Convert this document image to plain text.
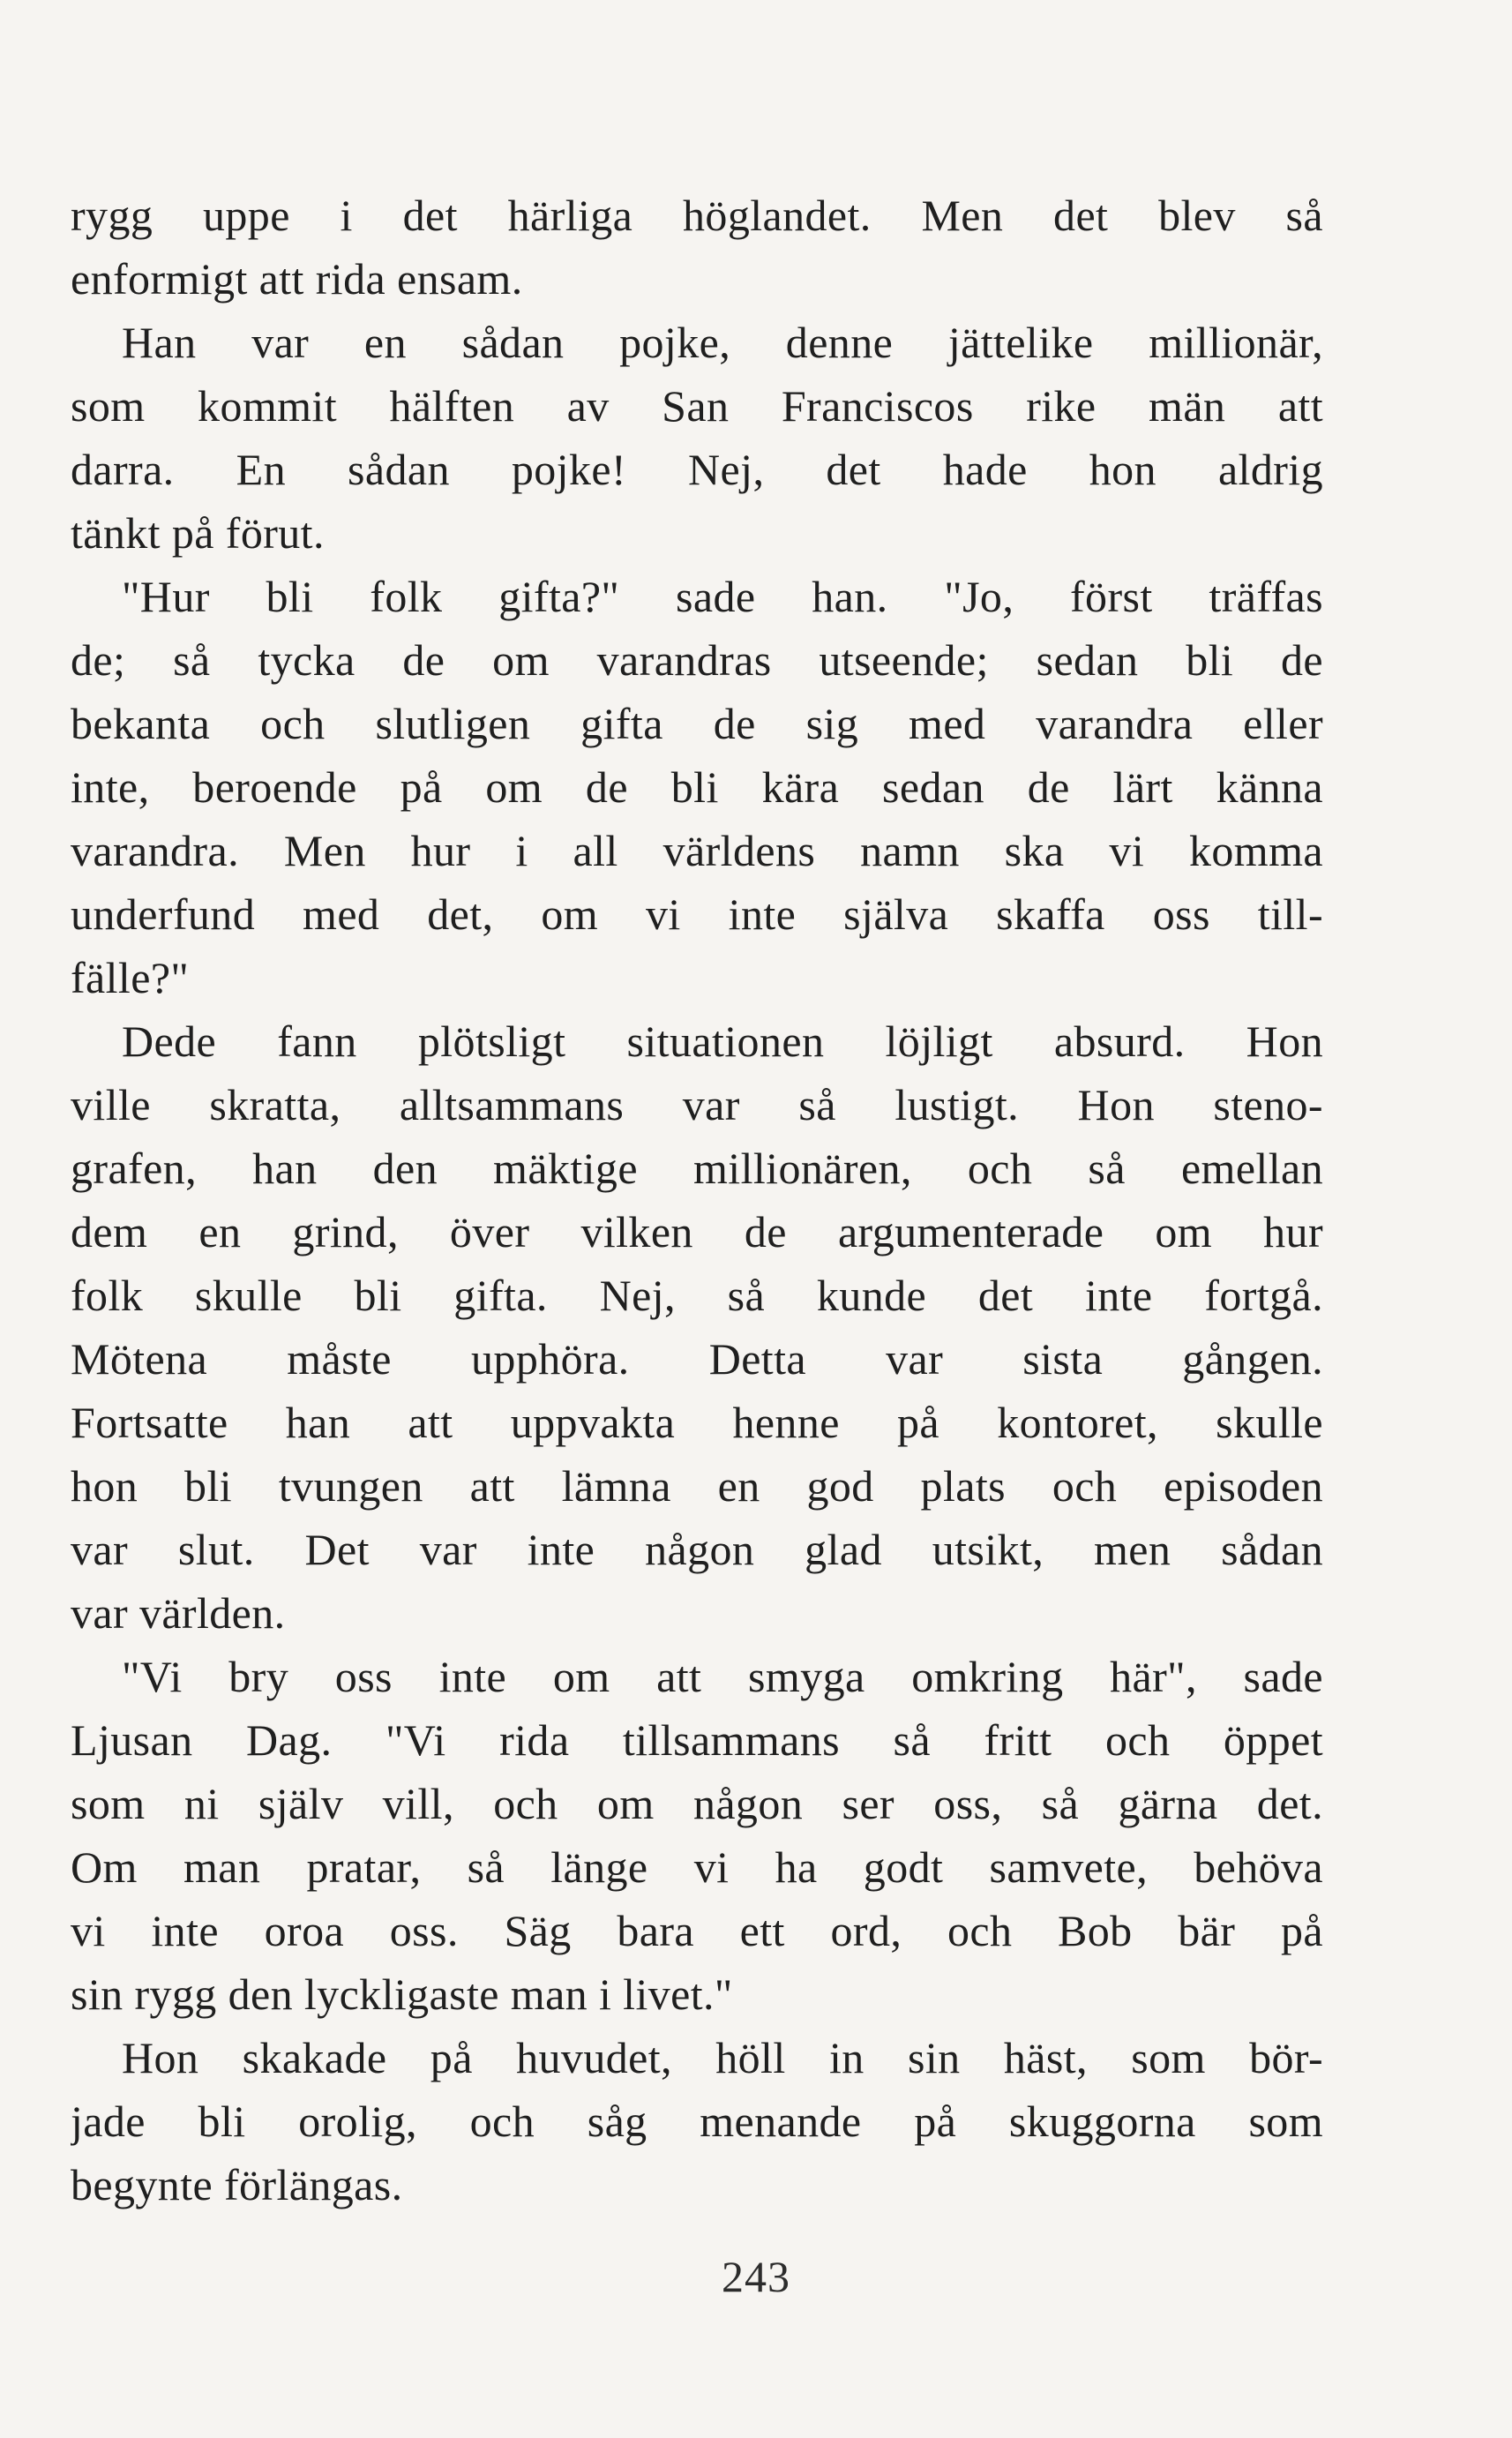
rygg uppe i det härliga höglandet. Men det blev så
enformigt att rida ensam.
Han var en sådan pojke, denne jättelike millionär,
som kommit hälften av San Franciscos rike män att
darra. En sådan pojke! Nej, det hade hon aldrig
tänkt på förut.
"Hur bli folk gifta?" sade han. "Jo, först träffas
de; så tycka de om varandras utseende; sedan bli de
bekanta och slutligen gifta de sig med varandra eller
inte, beroende på om de bli kära sedan de lärt känna
varandra. Men hur i all världens namn ska vi komma
underfund med det, om vi inte själva skaffa oss till-
fälle?"
Dede fann plötsligt situationen löjligt absurd. Hon
ville skratta, alltsammans var så lustigt. Hon steno-
grafen, han den mäktige millionären, och så emellan
dem en grind, över vilken de argumenterade om hur
folk skulle bli gifta. Nej, så kunde det inte fortgå.
Mötena måste upphöra. Detta var sista gången.
Fortsatte han att uppvakta henne på kontoret, skulle
hon bli tvungen att lämna en god plats och episoden
var slut. Det var inte någon glad utsikt, men sådan
var världen.
"Vi bry oss inte om att smyga omkring här", sade
Ljusan Dag. "Vi rida tillsammans så fritt och öppet
som ni själv vill, och om någon ser oss, så gärna det.
Om man pratar, så länge vi ha godt samvete, behöva
vi inte oroa oss. Säg bara ett ord, och Bob bär på
sin rygg den lyckligaste man i livet."
Hon skakade på huvudet, höll in sin häst, som bör-
jade bli orolig, och såg menande på skuggorna som
begynte förlängas.
243
